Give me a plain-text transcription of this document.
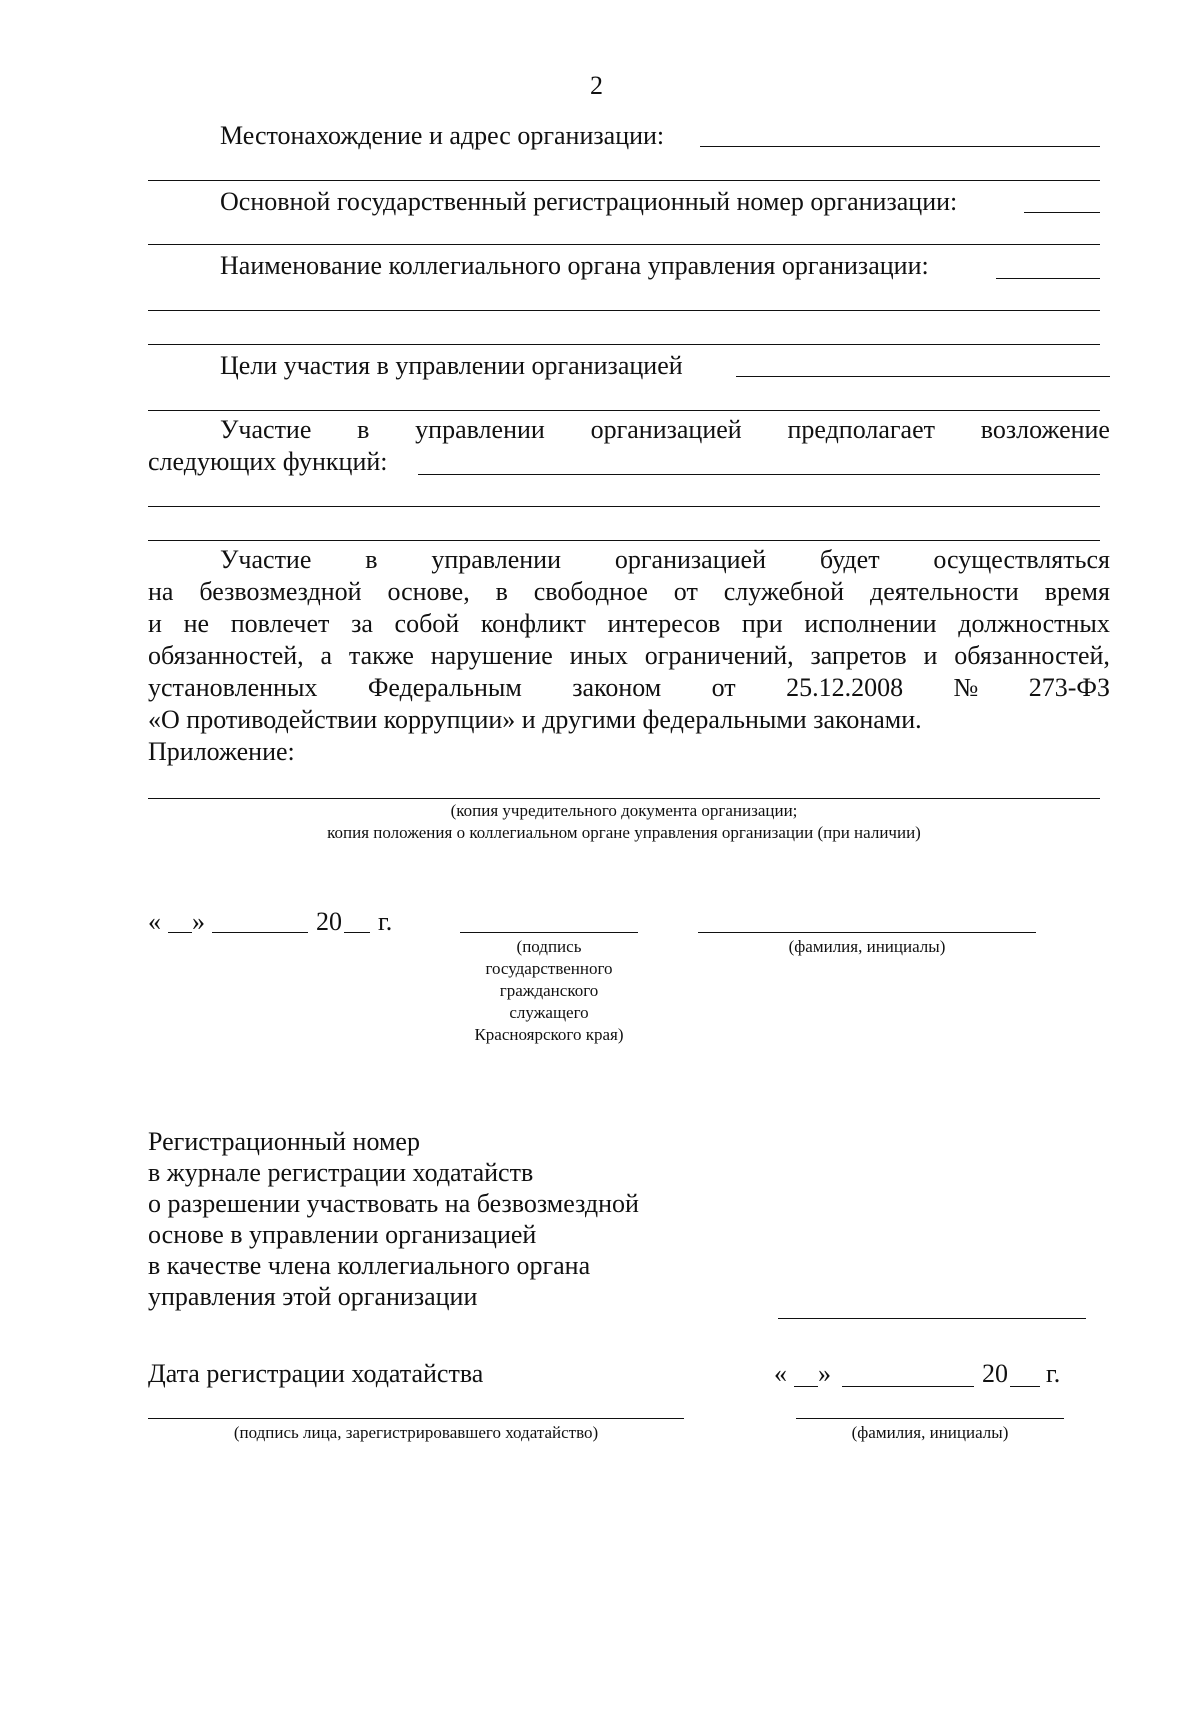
2
Местонахождение и адрес организации:
Основной государственный регистрационный номер организации:
Наименование коллегиального органа управления организации:
Цели участия в управлении организацией
Участие в управлении организацией предполагает возложение
следующих функций:
Участие в управлении организацией будет осуществляться
на безвозмездной основе, в свободное от служебной деятельности время
и не повлечет за собой конфликт интересов при исполнении должностных
обязанностей, а также нарушение иных ограничений, запретов и обязанностей,
установленных Федеральным законом от 25.12.2008 № 273-ФЗ
«О противодействии коррупции» и другими федеральными законами.
Приложение:
(копия учредительного документа организации;
копия положения о коллегиальном органе управления организации (при наличии)
« »	20 г.
(подпись
государственного
гражданского
служащего
Красноярского края)
(фамилия, инициалы)
Регистрационный номер
в журнале регистрации ходатайств
о разрешении участвовать на безвозмездной
основе в управлении организацией
в качестве члена коллегиального органа
управления этой организации
Дата регистрации ходатайства	« »	20 г.
(подпись лица, зарегистрировавшего ходатайство)	(фамилия, инициалы)
